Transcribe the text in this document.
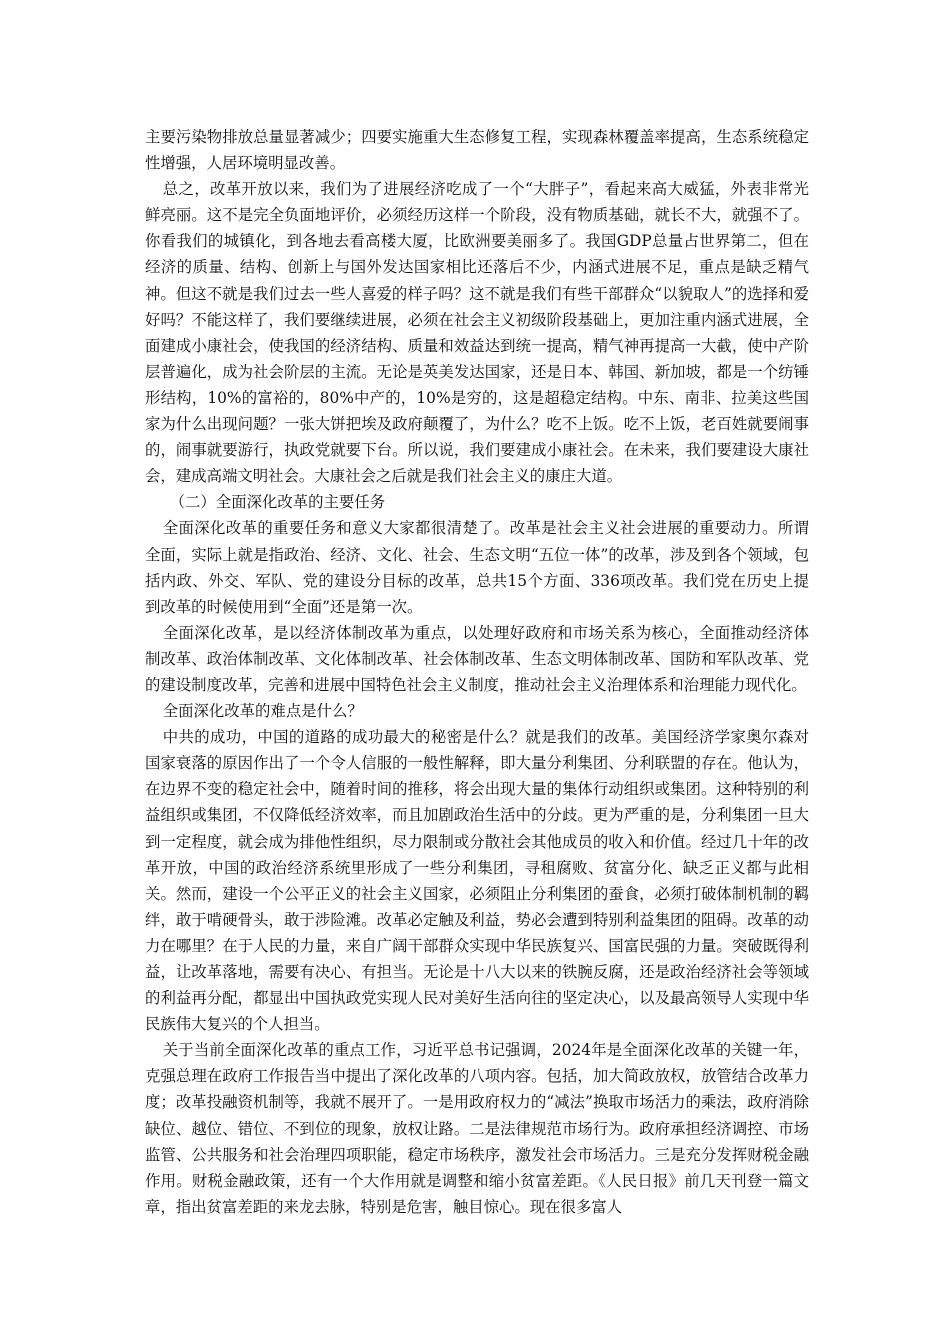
主要污染物排放总量显著减少；四要实施重大生态修复工程，实现森林覆盖率提高，生态系统稳定性增强，人居环境明显改善。

总之，改革开放以来，我们为了进展经济吃成了一个“大胖子”，看起来高大威猛，外表非常光鲜亮丽。这不是完全负面地评价，必须经历这样一个阶段，没有物质基础，就长不大，就强不了。你看我们的城镇化，到各地去看高楼大厦，比欧洲要美丽多了。我国GDP总量占世界第二，但在经济的质量、结构、创新上与国外发达国家相比还落后不少，内涵式进展不足，重点是缺乏精气神。但这不就是我们过去一些人喜爱的样子吗？这不就是我们有些干部群众“以貌取人”的选择和爱好吗？不能这样了，我们要继续进展，必须在社会主义初级阶段基础上，更加注重内涵式进展，全面建成小康社会，使我国的经济结构、质量和效益达到统一提高，精气神再提高一大截，使中产阶层普遍化，成为社会阶层的主流。无论是英美发达国家，还是日本、韩国、新加坡，都是一个纺锤形结构，10%的富裕的，80%中产的，10%是穷的，这是超稳定结构。中东、南非、拉美这些国家为什么出现问题？一张大饼把埃及政府颠覆了，为什么？吃不上饭。吃不上饭，老百姓就要闹事的，闹事就要游行，执政党就要下台。所以说，我们要建成小康社会。在未来，我们要建设大康社会，建成高端文明社会。大康社会之后就是我们社会主义的康庄大道。

（二）全面深化改革的主要任务

全面深化改革的重要任务和意义大家都很清楚了。改革是社会主义社会进展的重要动力。所谓全面，实际上就是指政治、经济、文化、社会、生态文明“五位一体”的改革，涉及到各个领域，包括内政、外交、军队、党的建设分目标的改革，总共15个方面、336项改革。我们党在历史上提到改革的时候使用到“全面”还是第一次。

全面深化改革，是以经济体制改革为重点，以处理好政府和市场关系为核心，全面推动经济体制改革、政治体制改革、文化体制改革、社会体制改革、生态文明体制改革、国防和军队改革、党的建设制度改革，完善和进展中国特色社会主义制度，推动社会主义治理体系和治理能力现代化。

全面深化改革的难点是什么？

中共的成功，中国的道路的成功最大的秘密是什么？就是我们的改革。美国经济学家奥尔森对国家衰落的原因作出了一个令人信服的一般性解释，即大量分利集团、分利联盟的存在。他认为，在边界不变的稳定社会中，随着时间的推移，将会出现大量的集体行动组织或集团。这种特别的利益组织或集团，不仅降低经济效率，而且加剧政治生活中的分歧。更为严重的是，分利集团一旦大到一定程度，就会成为排他性组织，尽力限制或分散社会其他成员的收入和价值。经过几十年的改革开放，中国的政治经济系统里形成了一些分利集团，寻租腐败、贫富分化、缺乏正义都与此相关。然而，建设一个公平正义的社会主义国家，必须阻止分利集团的蚕食，必须打破体制机制的羁绊，敢于啃硬骨头，敢于涉险滩。改革必定触及利益，势必会遭到特别利益集团的阻碍。改革的动力在哪里？在于人民的力量，来自广阔干部群众实现中华民族复兴、国富民强的力量。突破既得利益，让改革落地，需要有决心、有担当。无论是十八大以来的铁腕反腐，还是政治经济社会等领域的利益再分配，都显出中国执政党实现人民对美好生活向往的坚定决心，以及最高领导人实现中华民族伟大复兴的个人担当。

关于当前全面深化改革的重点工作，习近平总书记强调，2024年是全面深化改革的关键一年，克强总理在政府工作报告当中提出了深化改革的八项内容。包括，加大简政放权，放管结合改革力度；改革投融资机制等，我就不展开了。一是用政府权力的“减法”换取市场活力的乘法，政府消除缺位、越位、错位、不到位的现象，放权让路。二是法律规范市场行为。政府承担经济调控、市场监管、公共服务和社会治理四项职能，稳定市场秩序，激发社会市场活力。三是充分发挥财税金融作用。财税金融政策，还有一个大作用就是调整和缩小贫富差距。《人民日报》前几天刊登一篇文章，指出贫富差距的来龙去脉，特别是危害，触目惊心。现在很多富人
